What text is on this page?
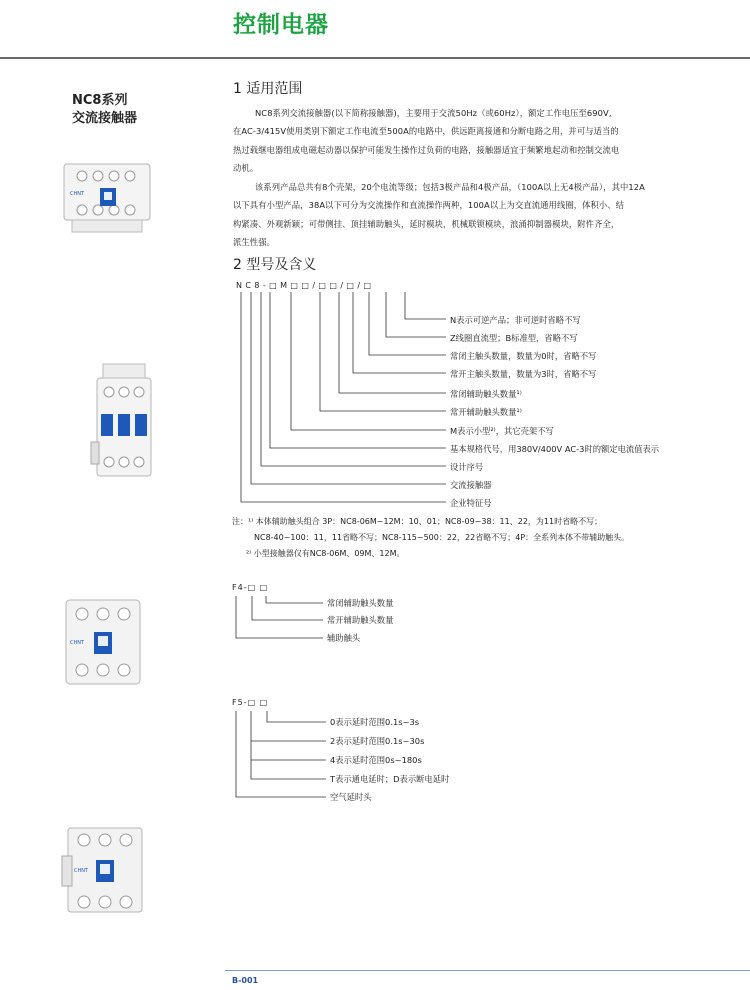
控制电器
NC8系列
交流接触器
CHNT
CHNT
CHNT
1 适用范围

NC8系列交流接触器(以下简称接触器)，主要用于交流50Hz（或60Hz），额定工作电压至690V,

在AC-3/415V使用类别下额定工作电流至500A的电路中，供远距离接通和分断电路之用，并可与适当的

热过载继电器组成电磁起动器以保护可能发生操作过负荷的电路，接触器适宜于频繁地起动和控制交流电

动机。

该系列产品总共有8个壳架，20个电流等级；包括3极产品和4极产品，（100A以上无4极产品），其中12A

以下具有小型产品，38A以下可分为交流操作和直流操作两种，100A以上为交直流通用线圈，体积小、结

构紧凑、外观新颖；可带侧挂、顶挂辅助触头，延时模块，机械联锁模块，浪涌抑制器模块，附件齐全，

派生性强。

2 型号及含义
NC8-□M□□/□□/□/□
N表示可逆产品；非可逆时省略不写
Z线圈直流型；B标准型，省略不写
常闭主触头数量，数量为0时，省略不写
常开主触头数量，数量为3时，省略不写
常闭辅助触头数量¹⁾
常开辅助触头数量¹⁾
M表示小型²⁾，其它壳架不写
基本规格代号，用380V/400V AC-3时的额定电流值表示
设计序号
交流接触器
企业特征号
注：¹⁾ 本体辅助触头组合 3P：NC8-06M~12M：10、01；NC8-09~38：11、22，为11时省略不写；
NC8-40~100：11，11省略不写；NC8-115~500：22，22省略不写；4P：全系列本体不带辅助触头。
²⁾ 小型接触器仅有NC8-06M、09M、12M。
F4-□ □
常闭辅助触头数量
常开辅助触头数量
辅助触头
F5-□ □
0表示延时范围0.1s~3s
2表示延时范围0.1s~30s
4表示延时范围0s~180s
T表示通电延时；D表示断电延时
空气延时头
B-001
